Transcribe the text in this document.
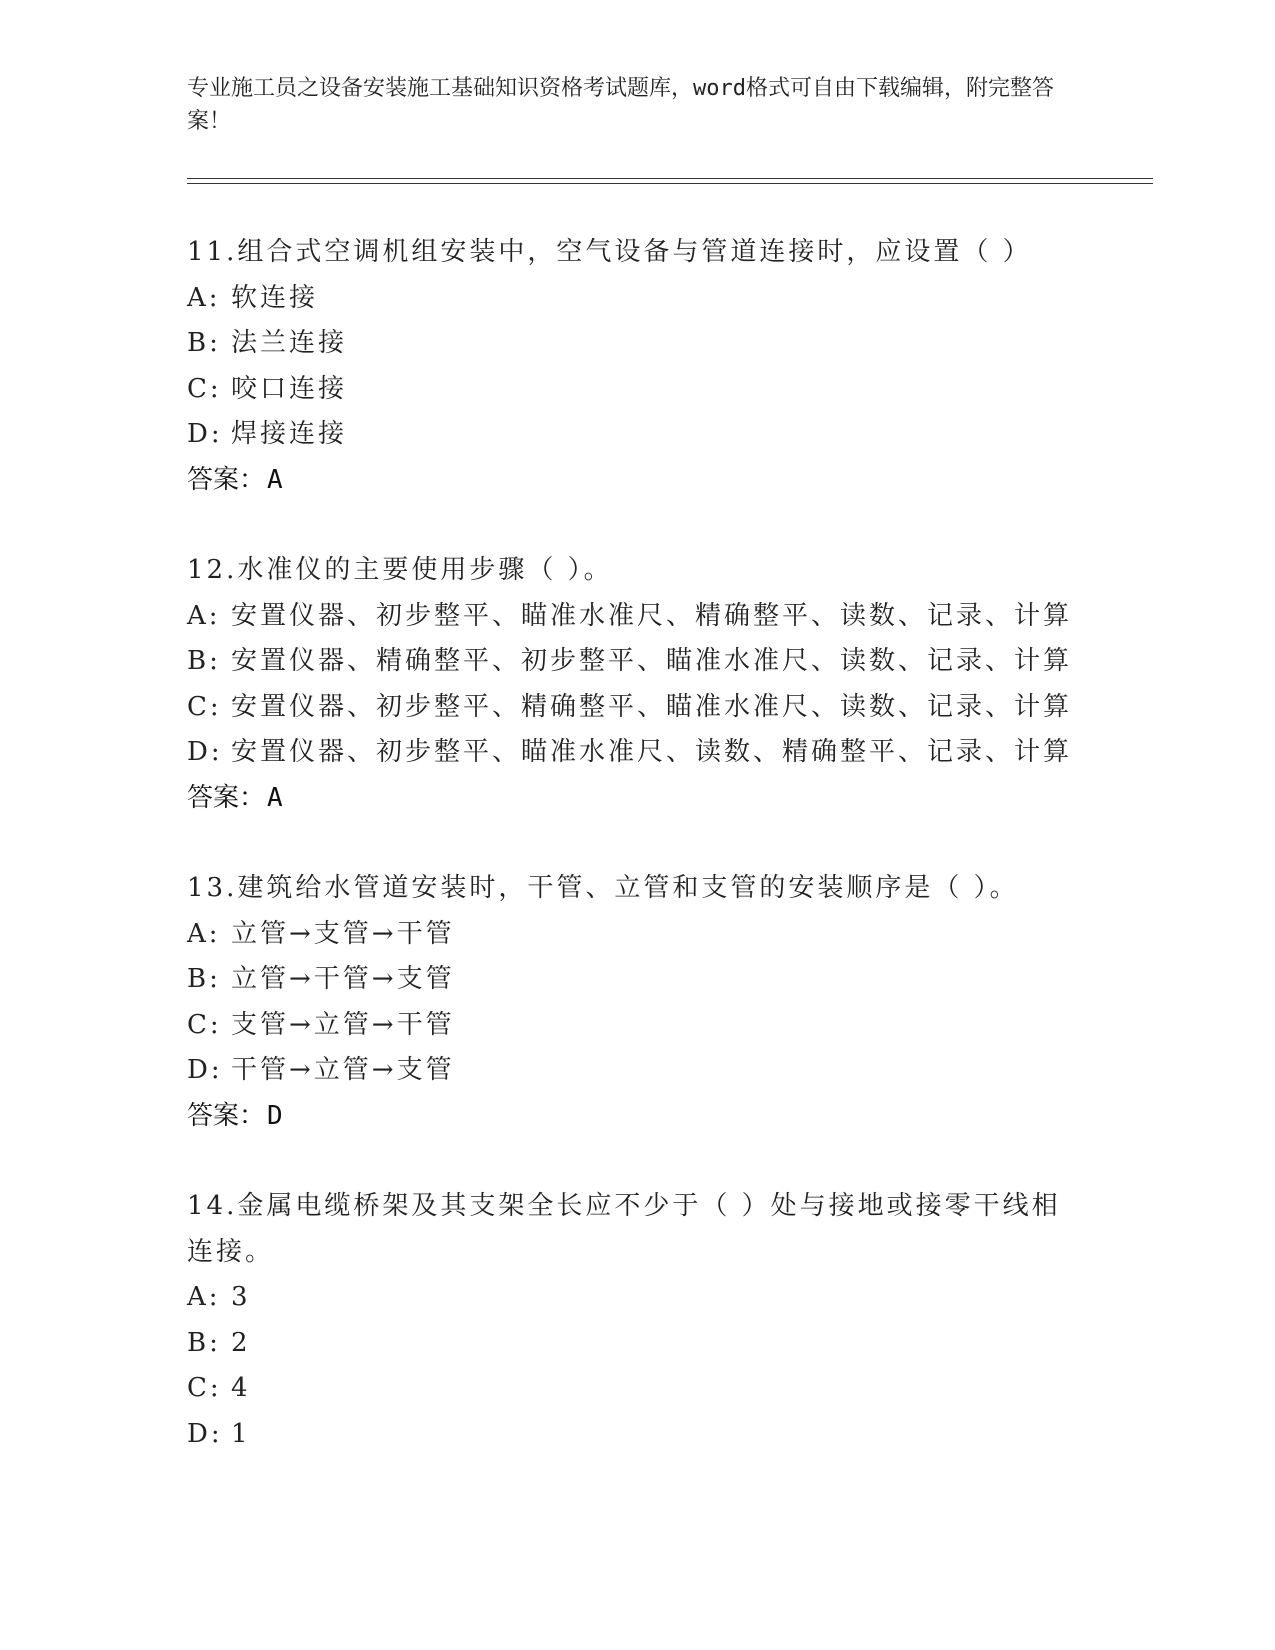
专业施工员之设备安装施工基础知识资格考试题库，word格式可自由下载编辑，附完整答案！
11.组合式空调机组安装中，空气设备与管道连接时，应设置（ ）
A: 软连接
B: 法兰连接
C: 咬口连接
D: 焊接连接
答案：A
12.水准仪的主要使用步骤（ ）。
A: 安置仪器、初步整平、瞄准水准尺、精确整平、读数、记录、计算
B: 安置仪器、精确整平、初步整平、瞄准水准尺、读数、记录、计算
C: 安置仪器、初步整平、精确整平、瞄准水准尺、读数、记录、计算
D: 安置仪器、初步整平、瞄准水准尺、读数、精确整平、记录、计算
答案：A
13.建筑给水管道安装时，干管、立管和支管的安装顺序是（ ）。
A: 立管→支管→干管
B: 立管→干管→支管
C: 支管→立管→干管
D: 干管→立管→支管
答案：D
14.金属电缆桥架及其支架全长应不少于（ ）处与接地或接零干线相连接。
A: 3
B: 2
C: 4
D: 1
